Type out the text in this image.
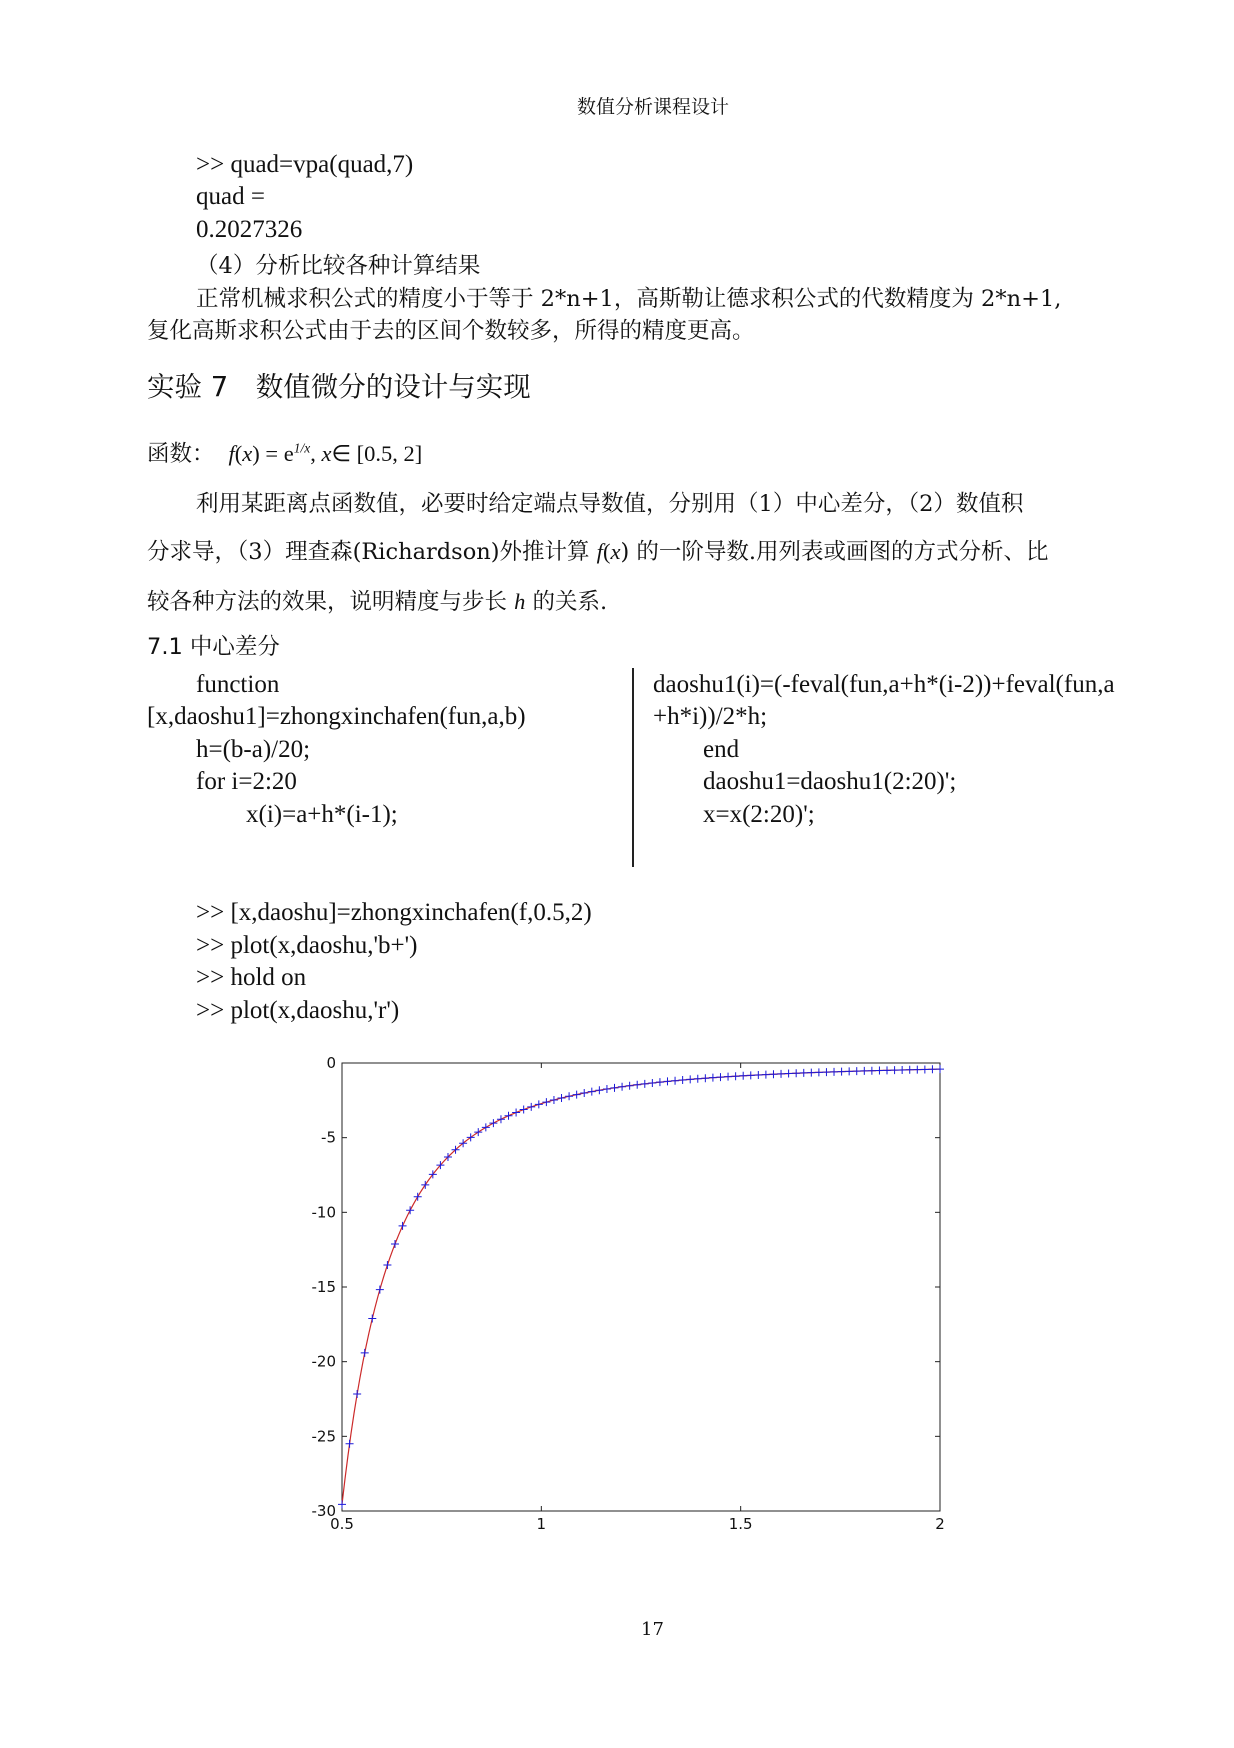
数值分析课程设计
>> quad=vpa(quad,7)
quad =
0.2027326
（4）分析比较各种计算结果
正常机械求积公式的精度小于等于 2*n+1，高斯勒让德求积公式的代数精度为 2*n+1,
复化高斯求积公式由于去的区间个数较多，所得的精度更高。
实验 7　数值微分的设计与实现
函数： $f(x) = e^{1/x}$, x∈ [0.5, 2]
利用某距离点函数值，必要时给定端点导数值，分别用（1）中心差分，（2）数值积
分求导，（3）理查森(Richardson)外推计算 f(x) 的一阶导数.用列表或画图的方式分析、比
较各种方法的效果，说明精度与步长 h 的关系.
7.1 中心差分
function
[x,daoshu1]=zhongxinchafen(fun,a,b)
h=(b-a)/20;
for i=2:20
x(i)=a+h*(i-1);
daoshu1(i)=(-feval(fun,a+h*(i-2))+feval(fun,a
+h*i))/2*h;
end
daoshu1=daoshu1(2:20)';
x=x(2:20)';
>> [x,daoshu]=zhongxinchafen(f,0.5,2)
>> plot(x,daoshu,'b+')
>> hold on
>> plot(x,daoshu,'r')
0.5	1	1.5	2
0
-5
-10
-15
-20
-25
-30
17
